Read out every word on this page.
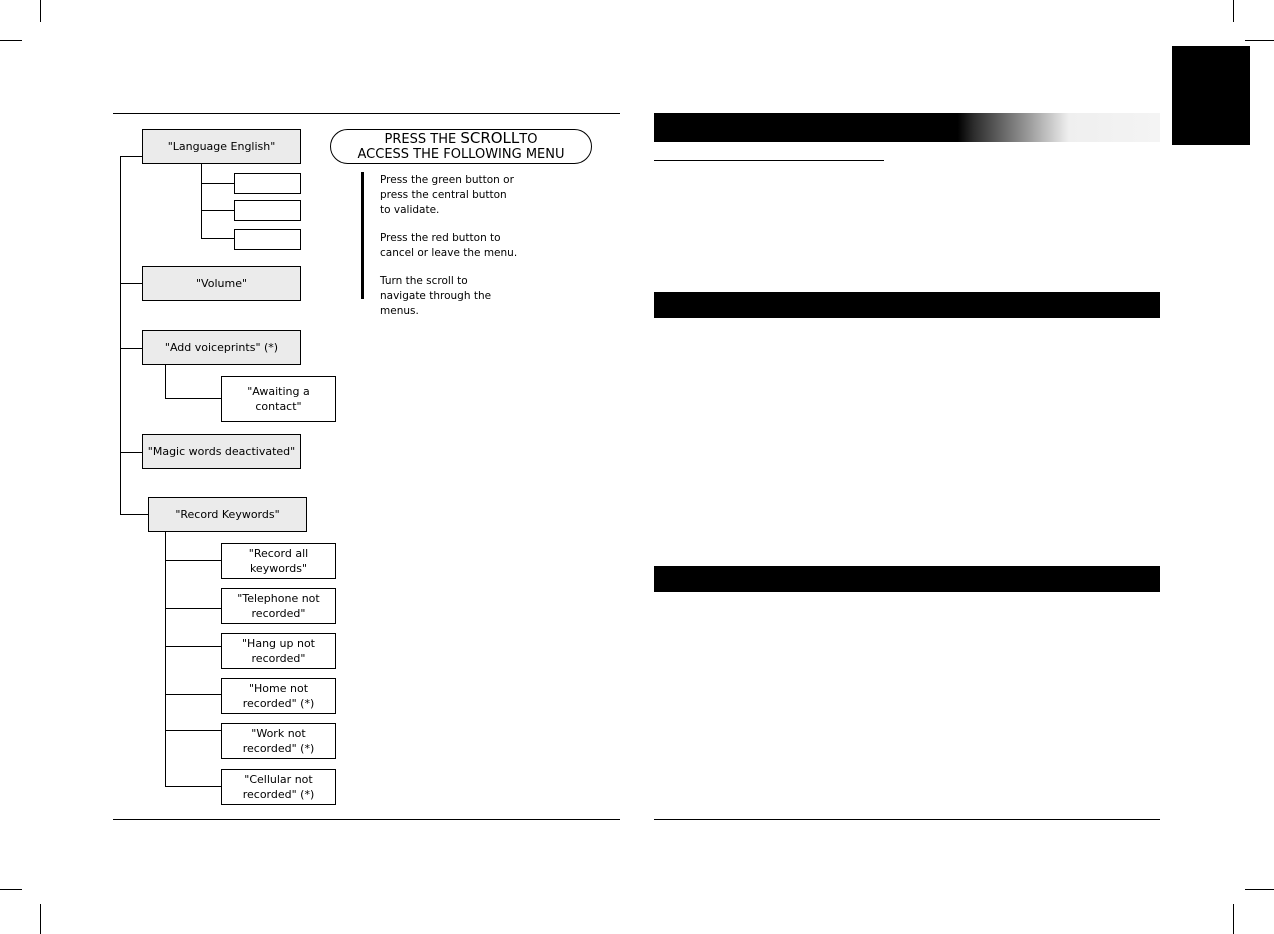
"Language English"
"Volume"
"Add voiceprints" (*)
"Awaiting a contact"
"Magic words deactivated"
"Record Keywords"
"Record all keywords"
"Telephone not recorded"
"Hang up not recorded"
"Home not recorded" (*)
"Work not recorded" (*)
"Cellular not recorded" (*)
PRESS THE SCROLLTO
ACCESS THE FOLLOWING MENU
Press the green button or press the central button to validate.
Press the red button to cancel or leave the menu.
Turn the scroll to navigate through the menus.
